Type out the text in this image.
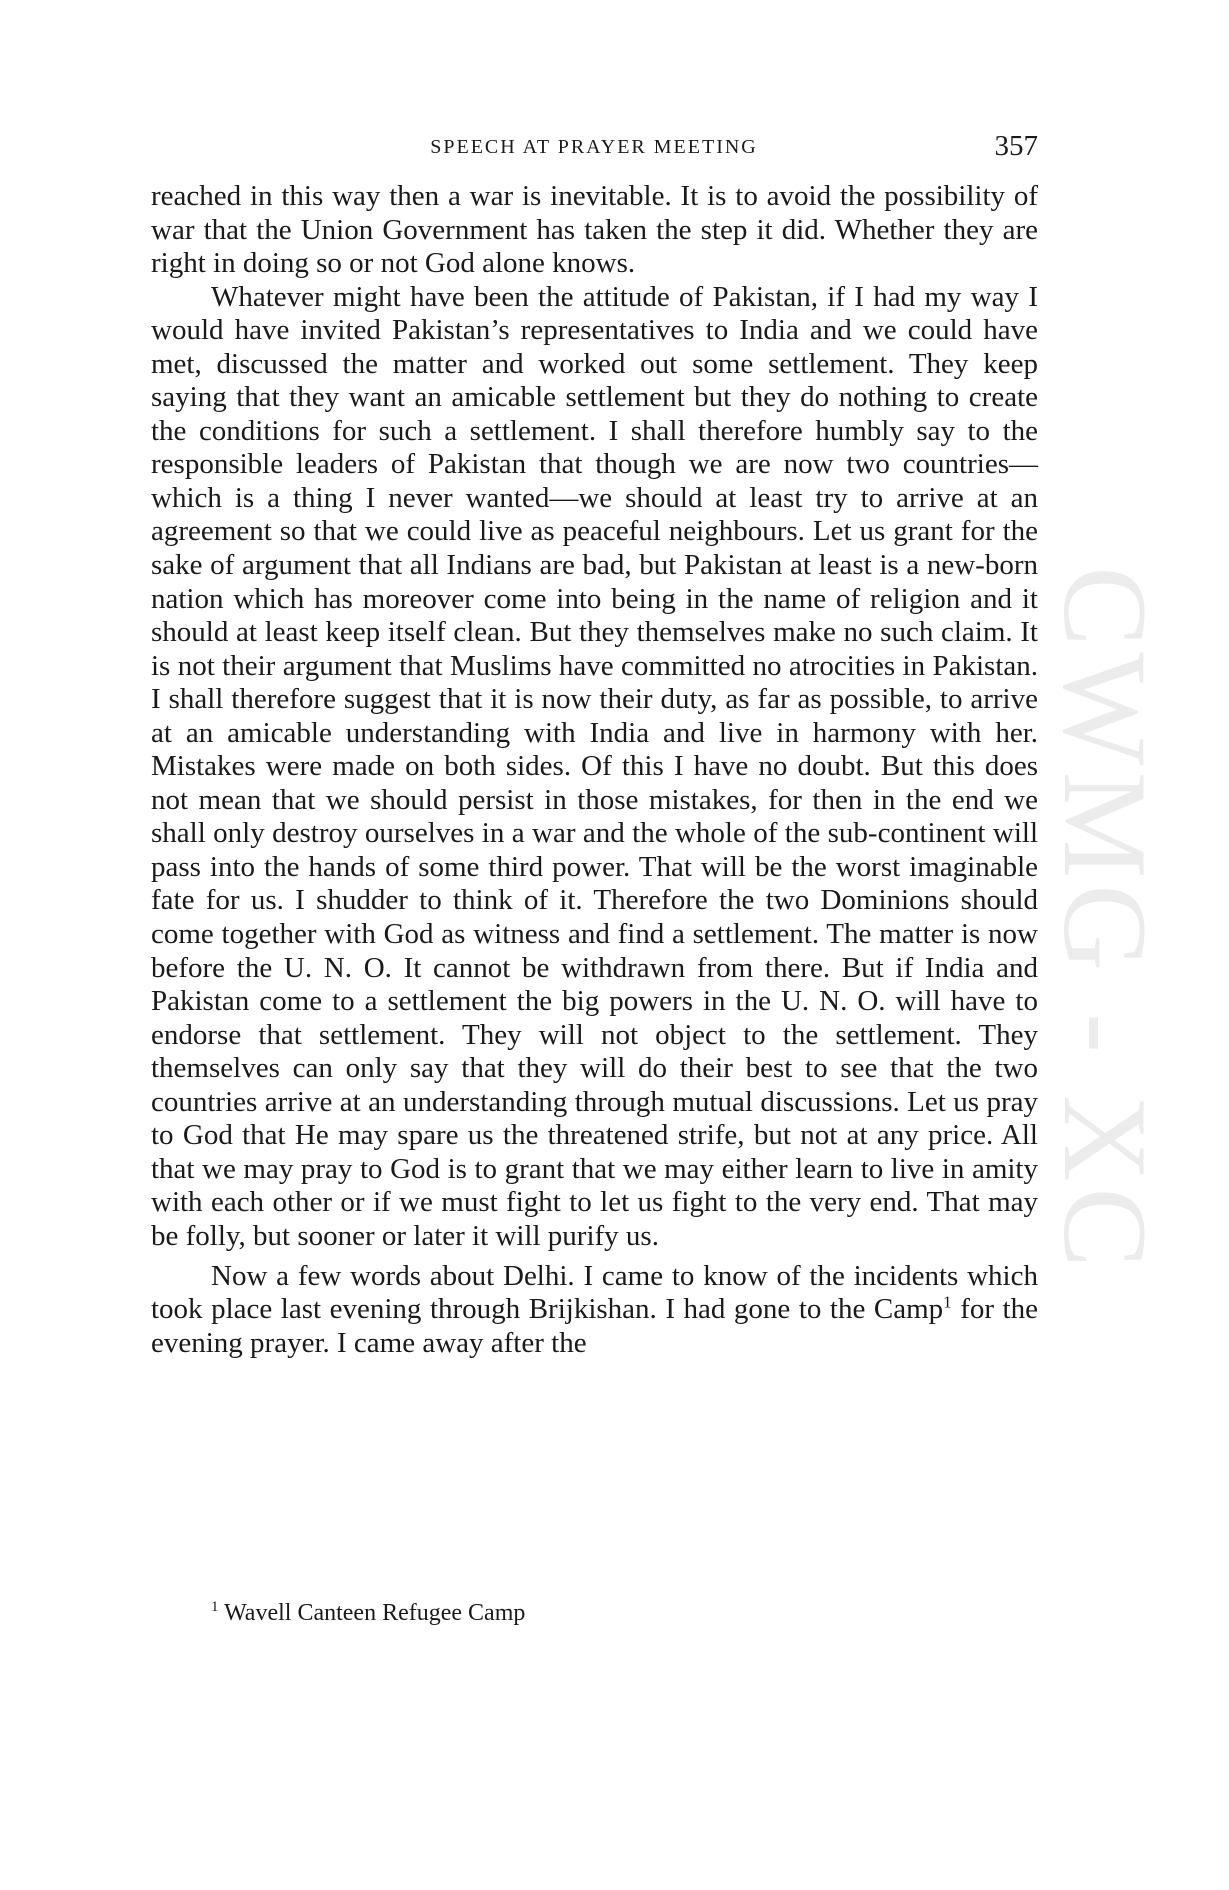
CWMG - XC
SPEECH AT PRAYER MEETING	357

reached in this way then a war is inevitable. It is to avoid the possibility of war that the Union Government has taken the step it did. Whether they are right in doing so or not God alone knows.

Whatever might have been the attitude of Pakistan, if I had my way I would have invited Pakistan’s representatives to India and we could have met, discussed the matter and worked out some settlement. They keep saying that they want an amicable settlement but they do nothing to create the conditions for such a settlement. I shall therefore humbly say to the responsible leaders of Pakistan that though we are now two countries—which is a thing I never wanted—we should at least try to arrive at an agreement so that we could live as peaceful neighbours. Let us grant for the sake of argument that all Indians are bad, but Pakistan at least is a new-born nation which has moreover come into being in the name of religion and it should at least keep itself clean. But they themselves make no such claim. It is not their argument that Muslims have committed no atrocities in Pakistan. I shall therefore suggest that it is now their duty, as far as possible, to arrive at an amicable understanding with India and live in harmony with her. Mistakes were made on both sides. Of this I have no doubt. But this does not mean that we should persist in those mistakes, for then in the end we shall only destroy ourselves in a war and the whole of the sub-continent will pass into the hands of some third power. That will be the worst imaginable fate for us. I shudder to think of it. Therefore the two Dominions should come together with God as witness and find a settlement. The matter is now before the U. N. O. It cannot be withdrawn from there. But if India and Pakistan come to a settlement the big powers in the U. N. O. will have to endorse that settlement. They will not object to the settlement. They themselves can only say that they will do their best to see that the two countries arrive at an understanding through mutual discussions. Let us pray to God that He may spare us the threatened strife, but not at any price. All that we may pray to God is to grant that we may either learn to live in amity with each other or if we must fight to let us fight to the very end. That may be folly, but sooner or later it will purify us.

Now a few words about Delhi. I came to know of the incidents which took place last evening through Brijkishan. I had gone to the Camp$^1$ for the evening prayer. I came away after the

$^1$ Wavell Canteen Refugee Camp
